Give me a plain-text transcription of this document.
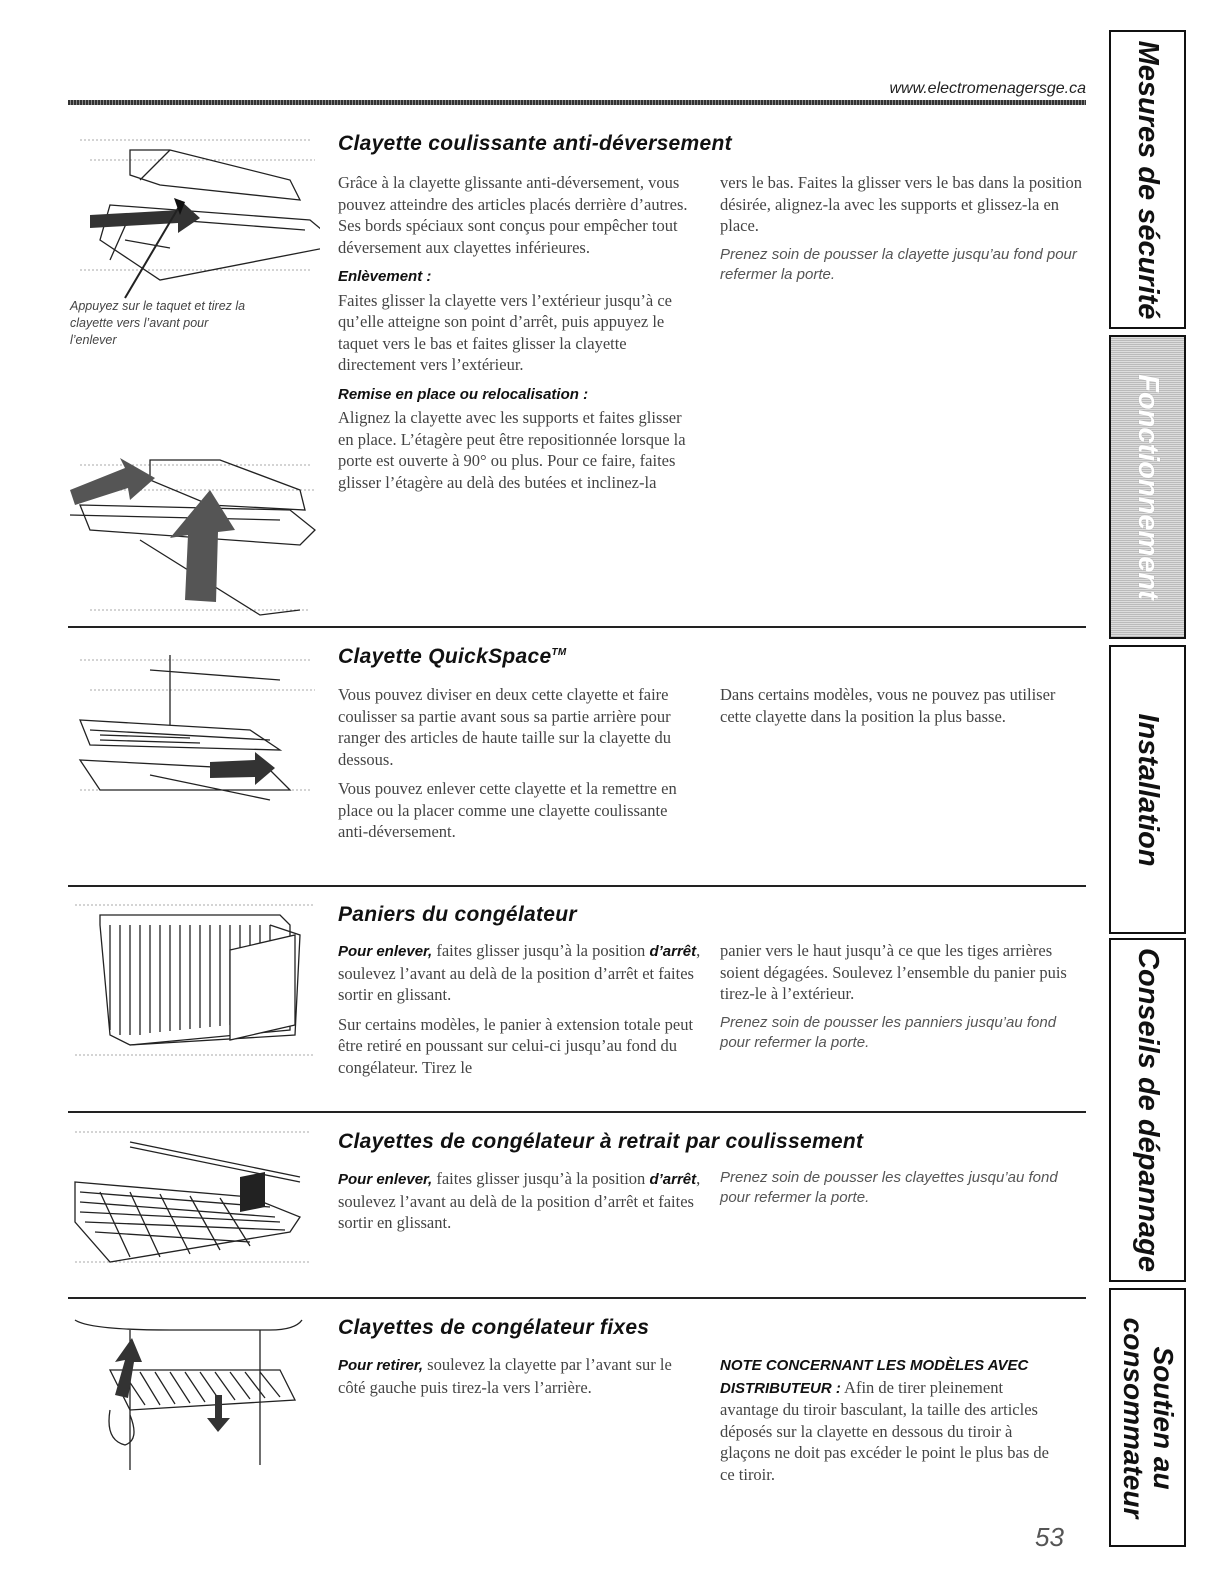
www.electromenagersge.ca
Appuyez sur le taquet et tirez la clayette vers l’avant pour l’enlever
Clayette coulissante anti-déversement

Grâce à la clayette glissante anti-déversement, vous pouvez atteindre des articles placés derrière d’autres. Ses bords spéciaux sont conçus pour empêcher tout déversement aux clayettes inférieures.

Enlèvement :

Faites glisser la clayette vers l’extérieur jusqu’à ce qu’elle atteigne son point d’arrêt, puis appuyez le taquet vers le bas et faites glisser la clayette directement vers l’extérieur.

Remise en place ou relocalisation :

Alignez la clayette avec les supports et faites glisser en place. L’étagère peut être repositionnée lorsque la porte est ouverte à 90° ou plus. Pour ce faire, faites glisser l’étagère au delà des butées et inclinez-la

vers le bas. Faites la glisser vers le bas dans la position désirée, alignez-la avec les supports et glissez-la en place.

Prenez soin de pousser la clayette jusqu’au fond pour refermer la porte.
Clayette QuickSpace™

Vous pouvez diviser en deux cette clayette et faire coulisser sa partie avant sous sa partie arrière pour ranger des articles de haute taille sur la clayette du dessous.

Vous pouvez enlever cette clayette et la remettre en place ou la placer comme une clayette coulissante anti-déversement.

Dans certains modèles, vous ne pouvez pas utiliser cette clayette dans la position la plus basse.

Paniers du congélateur

Pour enlever, faites glisser jusqu’à la position d’arrêt, soulevez l’avant au delà de la position d’arrêt et faites sortir en glissant.

Sur certains modèles, le panier à extension totale peut être retiré en poussant sur celui-ci jusqu’au fond du congélateur. Tirez le

panier vers le haut jusqu’à ce que les tiges arrières soient dégagées. Soulevez l’ensemble du panier puis tirez-le à l’extérieur.

Prenez soin de pousser les panniers jusqu’au fond pour refermer la porte.
Clayettes de congélateur à retrait par coulissement

Pour enlever, faites glisser jusqu’à la position d’arrêt, soulevez l’avant au delà de la position d’arrêt et faites sortir en glissant.

Prenez soin de pousser les clayettes jusqu’au fond pour refermer la porte.
Clayettes de congélateur fixes

Pour retirer, soulevez la clayette par l’avant sur le côté gauche puis tirez-la vers l’arrière.

NOTE CONCERNANT LES MODÈLES AVEC DISTRIBUTEUR : Afin de tirer pleinement avantage du tiroir basculant, la taille des articles déposés sur la clayette en dessous du tiroir à glaçons ne doit pas excéder le point le plus bas de ce tiroir.

53
Mesures de sécurité
Fonctionnement
Installation
Conseils de dépannage
Soutien au consommateur
